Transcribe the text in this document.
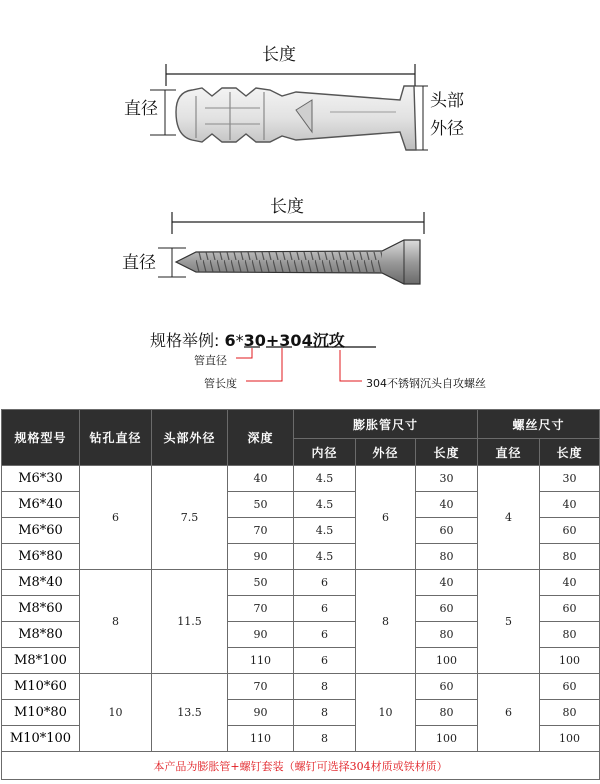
长度
直径	头部
外径
长度
直径
规格举例: 6*30+304沉攻
管直径
管长度	304不锈钢沉头自攻螺丝
规格型号	钻孔直径	头部外径	深度	膨胀管尺寸			螺丝尺寸	
				内径	外径	长度	直径	长度
M6*30	6	7.5	40	4.5	6	30	4	30
M6*40			50	4.5		40		40
M6*60			70	4.5		60		60
M6*80			90	4.5		80		80
M8*40	8	11.5	50	6	8	40	5	40
M8*60			70	6		60		60
M8*80			90	6		80		80
M8*100			110	6		100		100
M10*60	10	13.5	70	8	10	60	6	60
M10*80			90	8		80		80
M10*100			110	8		100		100
本产品为膨胀管+螺钉套装（螺钉可选择304材质或铁材质）								
